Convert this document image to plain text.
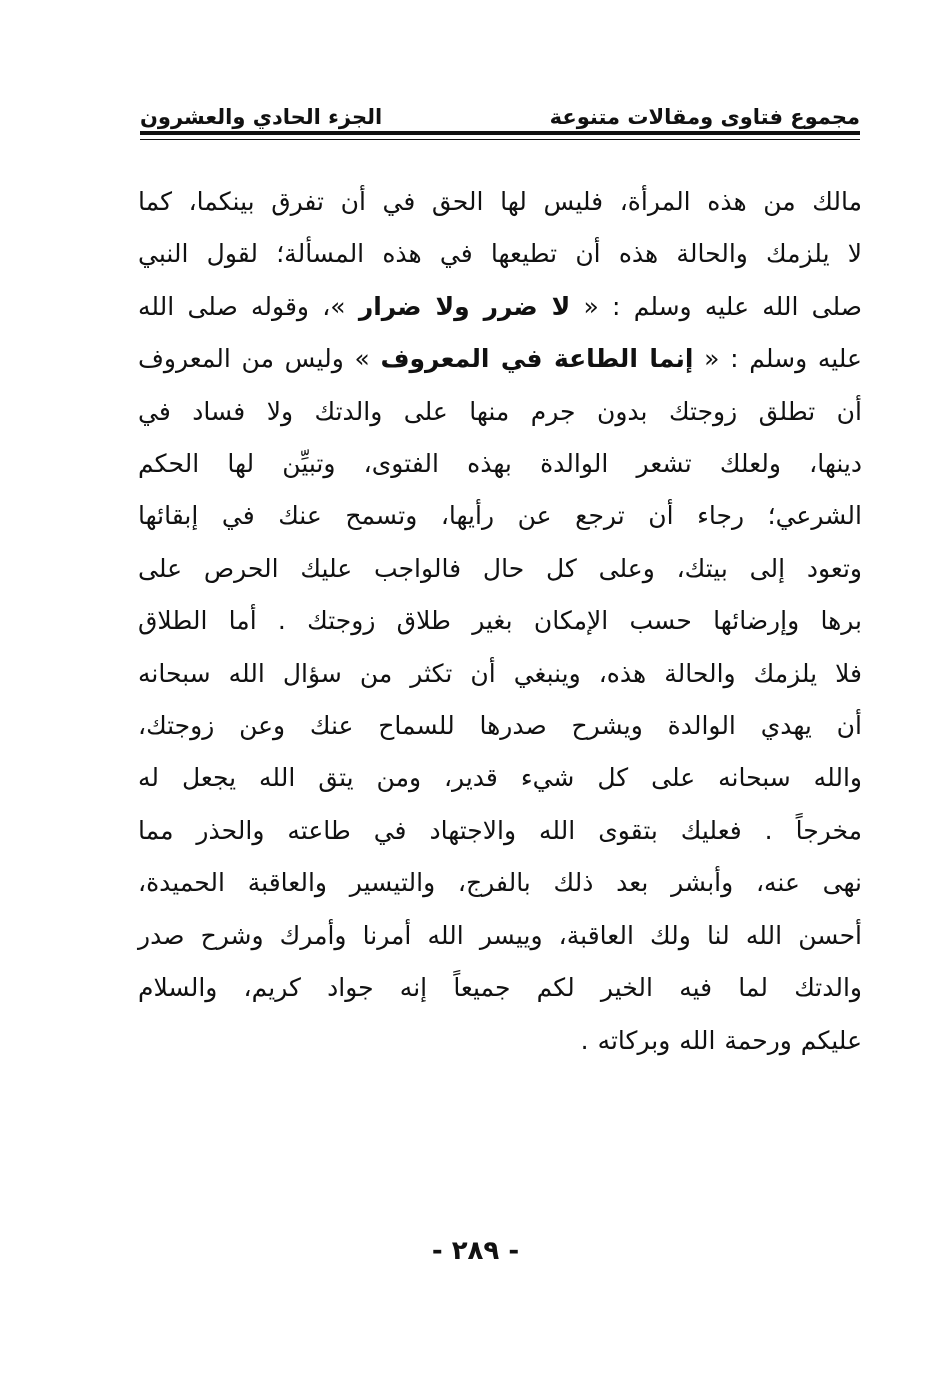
مجموع فتاوى ومقالات متنوعة
الجزء الحادي والعشرون
مالك من هذه المرأة، فليس لها الحق في أن تفرق بينكما، كما
لا يلزمك والحالة هذه أن تطيعها في هذه المسألة؛ لقول النبي
صلى الله عليه وسلم : « لا ضرر ولا ضرار »، وقوله صلى الله
عليه وسلم : « إنما الطاعة في المعروف » وليس من المعروف
أن تطلق زوجتك بدون جرم منها على والدتك ولا فساد في
دينها، ولعلك تشعر الوالدة بهذه الفتوى، وتبيِّن لها الحكم
الشرعي؛ رجاء أن ترجع عن رأيها، وتسمح عنك في إبقائها
وتعود إلى بيتك، وعلى كل حال فالواجب عليك الحرص على
برها وإرضائها حسب الإمكان بغير طلاق زوجتك . أما الطلاق
فلا يلزمك والحالة هذه، وينبغي أن تكثر من سؤال الله سبحانه
أن يهدي الوالدة ويشرح صدرها للسماح عنك وعن زوجتك،
والله سبحانه على كل شيء قدير، ومن يتق الله يجعل له
مخرجاً . فعليك بتقوى الله والاجتهاد في طاعته والحذر مما
نهى عنه، وأبشر بعد ذلك بالفرج، والتيسير والعاقبة الحميدة،
أحسن الله لنا ولك العاقبة، وييسر الله أمرنا وأمرك وشرح صدر
والدتك لما فيه الخير لكم جميعاً إنه جواد كريم، والسلام
عليكم ورحمة الله وبركاته .
- ٢٨٩ -
